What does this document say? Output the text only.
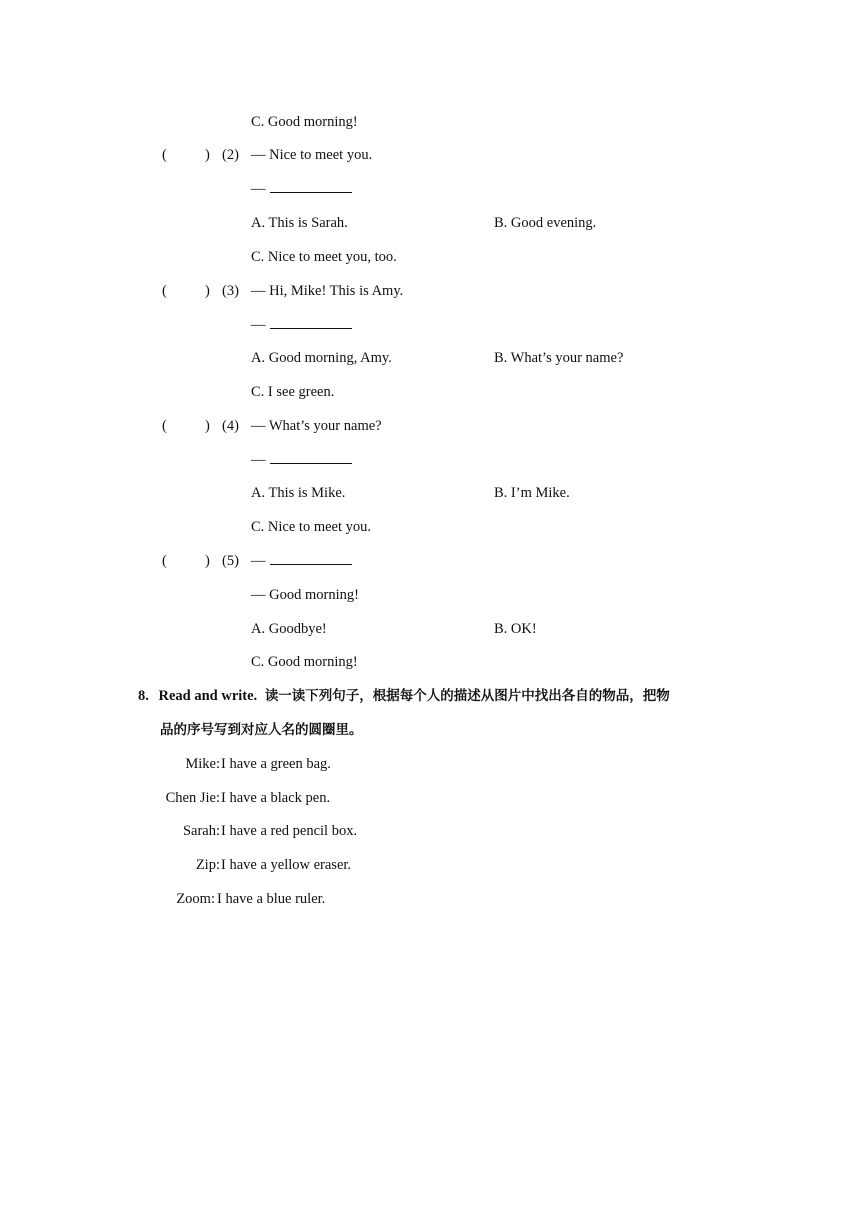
C. Good morning!
(	) (2) — Nice to meet you.
—
A. This is Sarah.	B. Good evening.
C. Nice to meet you, too.
(	) (3) — Hi, Mike! This is Amy.
—
A. Good morning, Amy.	B. What’s your name?
C. I see green.
(	) (4) — What’s your name?
—
A. This is Mike.	B. I’m Mike.
C. Nice to meet you.
(	) (5) —
— Good morning!
A. Goodbye!	B. OK!
C. Good morning!
8. Read and write. 读一读下列句子，根据每个人的描述从图片中找出各自的物品，把物
品的序号写到对应人名的圆圈里。
Mike: I have a green bag.
Chen Jie: I have a black pen.
Sarah: I have a red pencil box.
Zip: I have a yellow eraser.
Zoom: I have a blue ruler.
